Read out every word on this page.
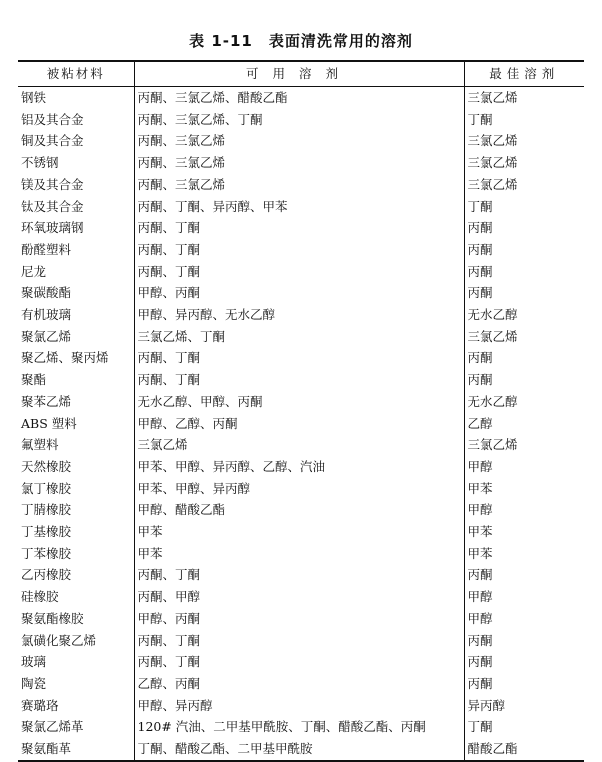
表 1-11 表面清洗常用的溶剂
被粘材料	可用溶剂	最佳溶剂
钢铁	丙酮、三氯乙烯、醋酸乙酯	三氯乙烯
铝及其合金	丙酮、三氯乙烯、丁酮	丁酮
铜及其合金	丙酮、三氯乙烯	三氯乙烯
不锈钢	丙酮、三氯乙烯	三氯乙烯
镁及其合金	丙酮、三氯乙烯	三氯乙烯
钛及其合金	丙酮、丁酮、异丙醇、甲苯	丁酮
环氧玻璃钢	丙酮、丁酮	丙酮
酚醛塑料	丙酮、丁酮	丙酮
尼龙	丙酮、丁酮	丙酮
聚碳酸酯	甲醇、丙酮	丙酮
有机玻璃	甲醇、异丙醇、无水乙醇	无水乙醇
聚氯乙烯	三氯乙烯、丁酮	三氯乙烯
聚乙烯、聚丙烯	丙酮、丁酮	丙酮
聚酯	丙酮、丁酮	丙酮
聚苯乙烯	无水乙醇、甲醇、丙酮	无水乙醇
ABS 塑料	甲醇、乙醇、丙酮	乙醇
氟塑料	三氯乙烯	三氯乙烯
天然橡胶	甲苯、甲醇、异丙醇、乙醇、汽油	甲醇
氯丁橡胶	甲苯、甲醇、异丙醇	甲苯
丁腈橡胶	甲醇、醋酸乙酯	甲醇
丁基橡胶	甲苯	甲苯
丁苯橡胶	甲苯	甲苯
乙丙橡胶	丙酮、丁酮	丙酮
硅橡胶	丙酮、甲醇	甲醇
聚氨酯橡胶	甲醇、丙酮	甲醇
氯磺化聚乙烯	丙酮、丁酮	丙酮
玻璃	丙酮、丁酮	丙酮
陶瓷	乙醇、丙酮	丙酮
赛璐珞	甲醇、异丙醇	异丙醇
聚氯乙烯革	120# 汽油、二甲基甲酰胺、丁酮、醋酸乙酯、丙酮	丁酮
聚氨酯革	丁酮、醋酸乙酯、二甲基甲酰胺	醋酸乙酯
